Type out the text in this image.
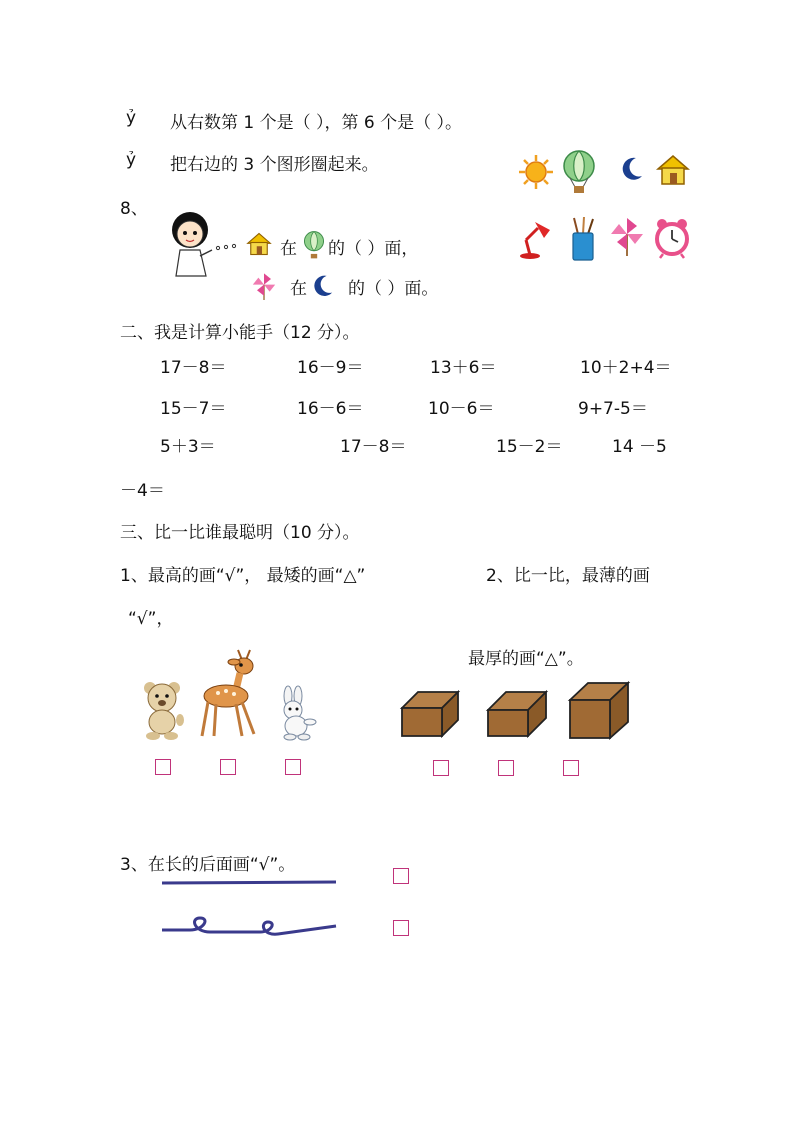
ỷ 从右数第 1 个是（ ），第 6 个是（ ）。
ỷ 把右边的 3 个图形圈起来。
8、
在 的（ ）面，
在 的（ ）面。
二、我是计算小能手（12 分）。
17－8＝	16－9＝	13＋6＝	10＋2+4＝
15－7＝	16－6＝	10－6＝	9+7-5＝
5＋3＝	17－8＝	15－2＝	14 －5
－4＝
三、比一比谁最聪明（10 分）。
1、最高的画“√”， 最矮的画“△”	2、比一比，最薄的画
“√”，
最厚的画“△”。
3、在长的后面画“√”。
